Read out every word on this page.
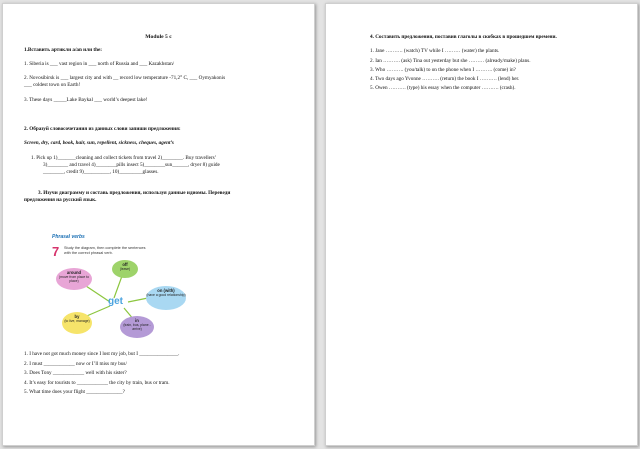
Module 5 c
1.Вставить артикли a/an или the:
1. Siberia is ___ vast region in ___ north of Russia and ___ Kazakhstan/
2. Novosibirsk is ___ largest city and with __ record low temperature -71,2° C, ___ Oymyakonis
___ coldest town on Earth!
3. These days _____Lake Baykal ___ world’s deepest lake!
2. Образуй словосочетания из данных слови запиши предложения:
Screen, dry, card, book, hair, sun, repellent, sickness, cheques, agent’s
1. Pick up 1)_______cleaning and collect tickets from travel 2)________. Buy travellers’
3)________ and travel 4)________pills insect 5)________sun______, dryer 8) guide
________, credit 9)__________, 10)_________glasses.
3. Изучи диаграмму и составь предложения, используя данные идиомы. Переведи
предложения на русский язык.
Phrasal verbs
7 Study the diagram, then complete the sentences
with the correct phrasal verb.
around
(move from place to place)
off
(leave)
on (with)
(have a good relationship)
by
(to live, manage)	in
(train, bus, plane - arrive)
get
1. I have not got much money since I lost my job, but I _______________.
2. I must ____________ now or I’ll miss my bus/
3. Does Tony ____________ well with his sister?
4. It’s easy for tourists to ____________ the city by train, bus or tram.
5. What time does your flight ______________?
4. Составить предложения, поставив глаголы в скобках в прошедшем времени.
1. Jane ………. (watch) TV while I ……… (water) the plants.
2. Ian ………. (ask) Tina out yesterday but she ……… (already/make) plans.
3. Who ………. (you/talk) to on the phone when I ………. (come) in?
4. Two days ago Yvonne ………. (return) the book I ………. (lend) her.
5. Owen ………. (type) his essay when the computer ………. (crash).
